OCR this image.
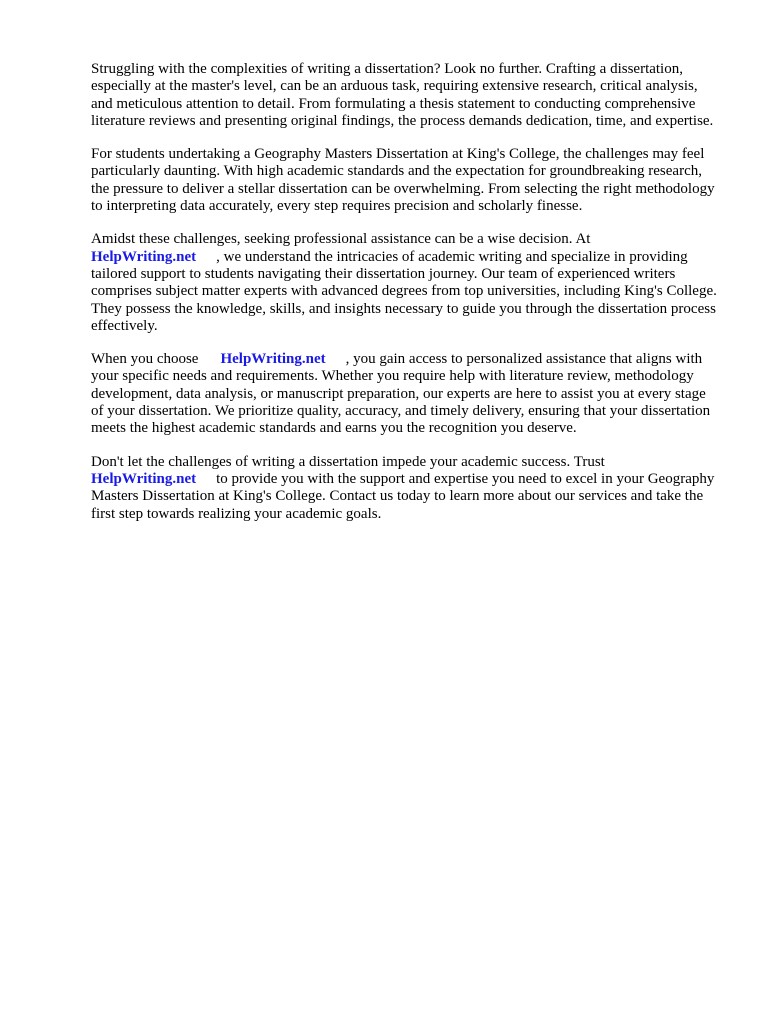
Struggling with the complexities of writing a dissertation? Look no further. Crafting a dissertation, especially at the master's level, can be an arduous task, requiring extensive research, critical analysis, and meticulous attention to detail. From formulating a thesis statement to conducting comprehensive literature reviews and presenting original findings, the process demands dedication, time, and expertise.

For students undertaking a Geography Masters Dissertation at King's College, the challenges may feel particularly daunting. With high academic standards and the expectation for groundbreaking research, the pressure to deliver a stellar dissertation can be overwhelming. From selecting the right methodology to interpreting data accurately, every step requires precision and scholarly finesse.

Amidst these challenges, seeking professional assistance can be a wise decision. At
HelpWriting.net , we understand the intricacies of academic writing and specialize in providing tailored support to students navigating their dissertation journey. Our team of experienced writers comprises subject matter experts with advanced degrees from top universities, including King's College. They possess the knowledge, skills, and insights necessary to guide you through the dissertation process effectively.

When you choose HelpWriting.net , you gain access to personalized assistance that aligns with your specific needs and requirements. Whether you require help with literature review, methodology development, data analysis, or manuscript preparation, our experts are here to assist you at every stage of your dissertation. We prioritize quality, accuracy, and timely delivery, ensuring that your dissertation meets the highest academic standards and earns you the recognition you deserve.

Don't let the challenges of writing a dissertation impede your academic success. Trust
HelpWriting.net to provide you with the support and expertise you need to excel in your Geography Masters Dissertation at King's College. Contact us today to learn more about our services and take the first step towards realizing your academic goals.
